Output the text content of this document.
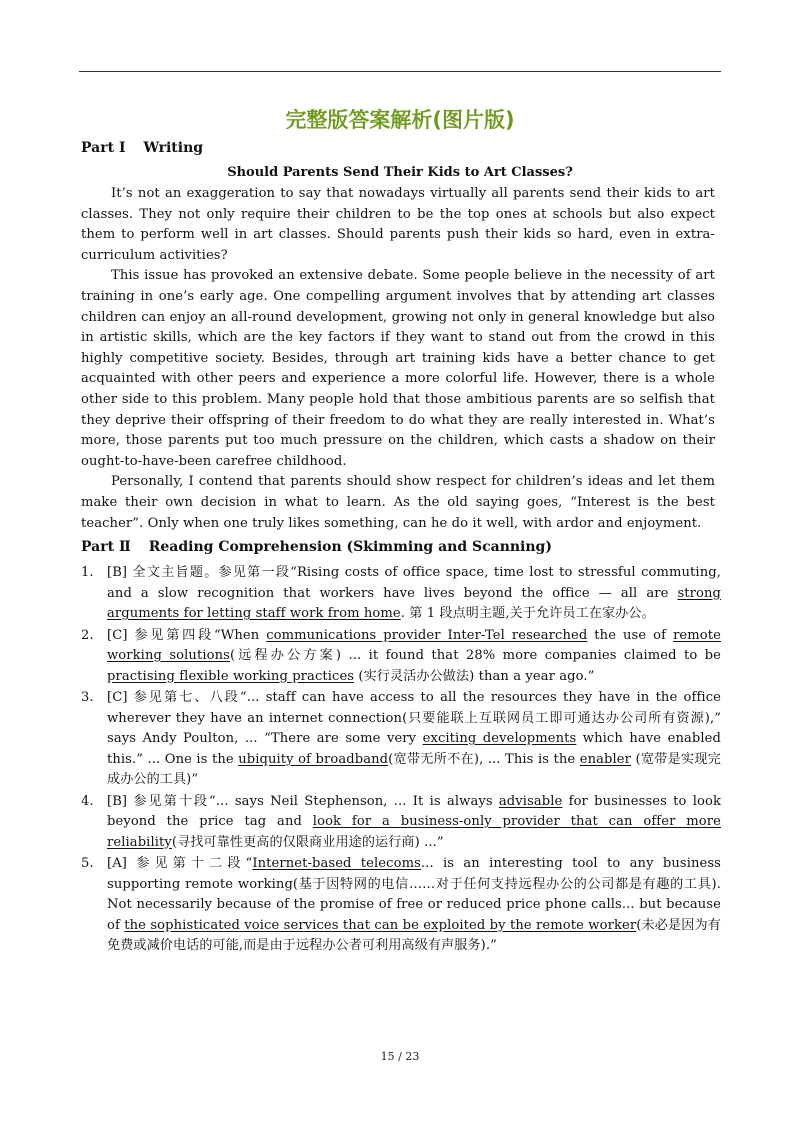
完整版答案解析(图片版)
Part Ⅰ Writing
Should Parents Send Their Kids to Art Classes?

It’s not an exaggeration to say that nowadays virtually all parents send their kids to art classes. They not only require their children to be the top ones at schools but also expect them to perform well in art classes. Should parents push their kids so hard, even in extra-curriculum activities?

This issue has provoked an extensive debate. Some people believe in the necessity of art training in one’s early age. One compelling argument involves that by attending art classes children can enjoy an all-round development, growing not only in general knowledge but also in artistic skills, which are the key factors if they want to stand out from the crowd in this highly competitive society. Besides, through art training kids have a better chance to get acquainted with other peers and experience a more colorful life. However, there is a whole other side to this problem. Many people hold that those ambitious parents are so selfish that they deprive their offspring of their freedom to do what they are really interested in. What’s more, those parents put too much pressure on the children, which casts a shadow on their ought-to-have-been carefree childhood.

Personally, I contend that parents should show respect for children’s ideas and let them make their own decision in what to learn. As the old saying goes, “Interest is the best teacher”. Only when one truly likes something, can he do it well, with ardor and enjoyment.

Part Ⅱ Reading Comprehension (Skimming and Scanning)
1. [B] 全文主旨题。参见第一段“Rising costs of office space, time lost to stressful commuting, and a slow recognition that workers have lives beyond the office — all are strong arguments for letting staff work from home. 第 1 段点明主题,关于允许员工在家办公。
2. [C] 参见第四段“When communications provider Inter-Tel researched the use of remote working solutions(远程办公方案) ... it found that 28% more companies claimed to be practising flexible working practices (实行灵活办公做法) than a year ago.”
3. [C] 参见第七、八段“... staff can have access to all the resources they have in the office wherever they have an internet connection(只要能联上互联网员工即可通达办公司所有资源),” says Andy Poulton, ... “There are some very exciting developments which have enabled this.” ... One is the ubiquity of broadband(宽带无所不在), ... This is the enabler (宽带是实现完成办公的工具)”
4. [B] 参见第十段“... says Neil Stephenson, ... It is always advisable for businesses to look beyond the price tag and look for a business-only provider that can offer more reliability(寻找可靠性更高的仅限商业用途的运行商) ...”
5. [A] 参见第十二段“Internet-based telecoms... is an interesting tool to any business supporting remote working(基于因特网的电信……对于任何支持远程办公的公司都是有趣的工具). Not necessarily because of the promise of free or reduced price phone calls... but because of the sophisticated voice services that can be exploited by the remote worker(未必是因为有免费或减价电话的可能,而是由于远程办公者可利用高级有声服务).”
15 / 23
